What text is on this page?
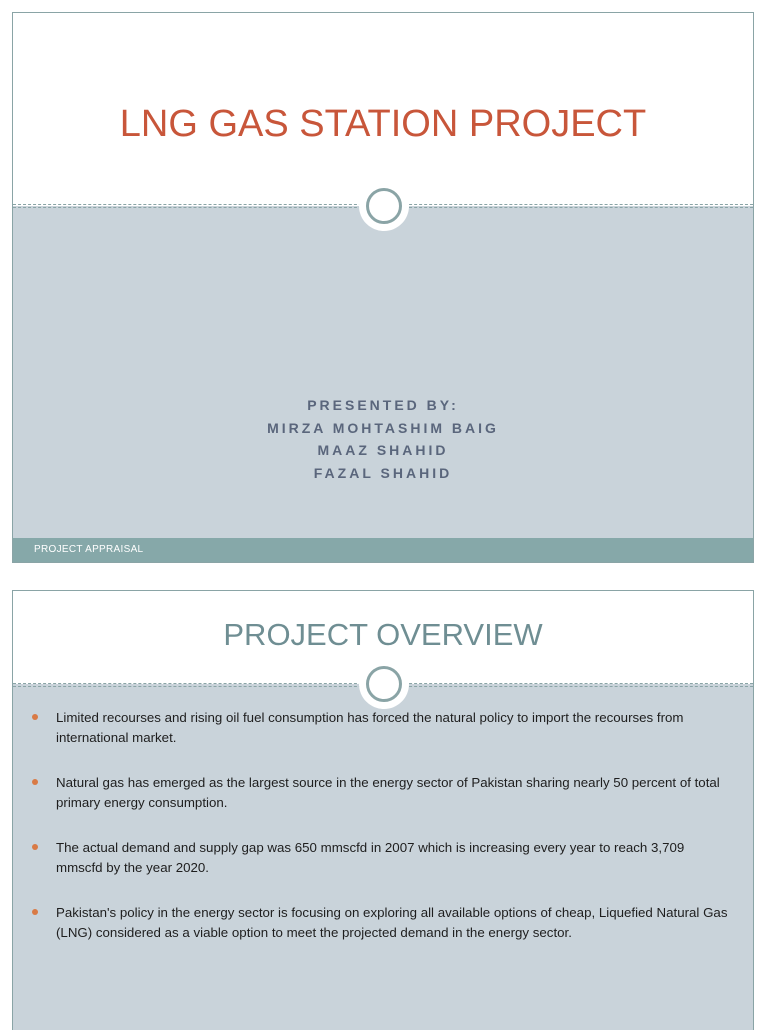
LNG GAS STATION PROJECT
PRESENTED BY:
MIRZA MOHTASHIM BAIG
MAAZ SHAHID
FAZAL SHAHID
PROJECT APPRAISAL
PROJECT OVERVIEW
Limited recourses and rising oil fuel consumption has forced the natural policy to import the recourses from international market.
Natural gas has emerged as the largest source in the energy sector of Pakistan sharing nearly 50 percent of total primary energy consumption.
The actual demand and supply gap was 650 mmscfd in 2007 which is increasing every year to reach 3,709 mmscfd by the year 2020.
Pakistan's policy in the energy sector is focusing on exploring all available options of cheap, Liquefied Natural Gas (LNG) considered as a viable option to meet the projected demand in the energy sector.
